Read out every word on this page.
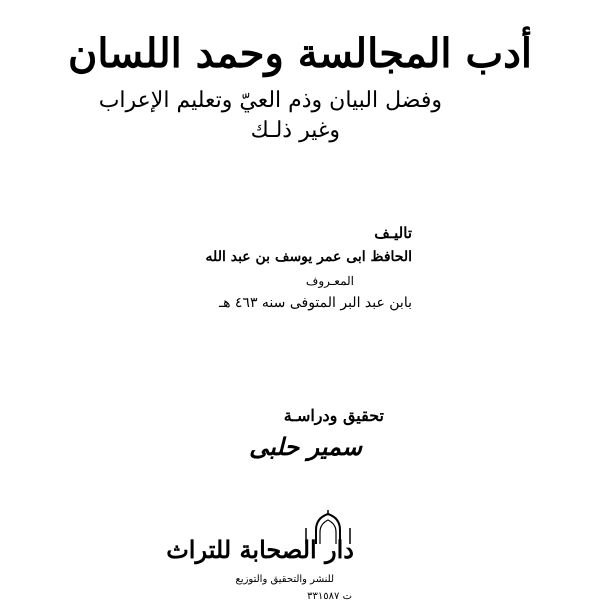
أدب المجالسة وحمد اللسان
وفضل البيان وذم العيّ وتعليم الإعراب
وغير ذلـك
تاليـف
الحافظ ابى عمر يوسف بن عبد الله
المعـروف
بابن عبد البر المتوفى سنه ٤٦٣ هـ
تحقيق ودراسـة
سمير حلبى
دار الصحابة للتراث
للنشر والتحقيق والتوزيع
ت ٣٣١٥٨٧
